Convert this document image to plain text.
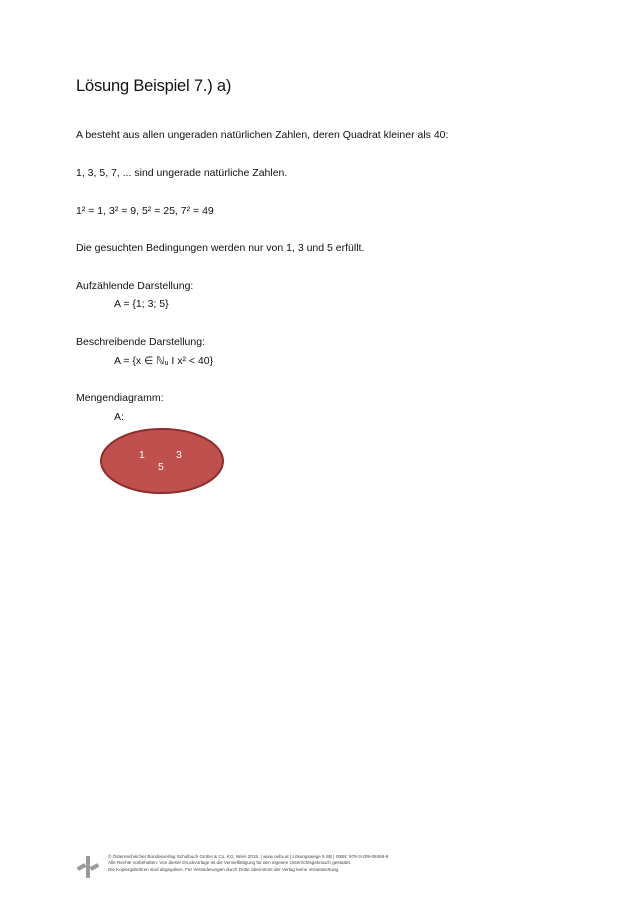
Lösung Beispiel 7.) a)
A besteht aus allen ungeraden natürlichen Zahlen, deren Quadrat kleiner als 40:
1, 3, 5, 7, ... sind ungerade natürliche Zahlen.
1² = 1, 3² = 9, 5² = 25, 7² = 49
Die gesuchten Bedingungen werden nur von 1, 3 und 5 erfüllt.
Aufzählende Darstellung:
A = {1; 3; 5}
Beschreibende Darstellung:
A = {x ∈ ℕu I x² < 40}
Mengendiagramm:
A:
1	3
5
© Österreichischer Bundesverlag Schulbuch GmbH & Co. KG, Wien 2015. | www.oebv.at | Lösungswege 5 SB | ISBN: 978-3-209-08466-8
Alle Rechte vorbehalten. Von dieser Druckvorlage ist die Vervielfältigung für den eigenen Unterrichtsgebrauch gestattet.
Die Kopiergebühren sind abgegolten. Für Veränderungen durch Dritte übernimmt der Verlag keine Verantwortung.
